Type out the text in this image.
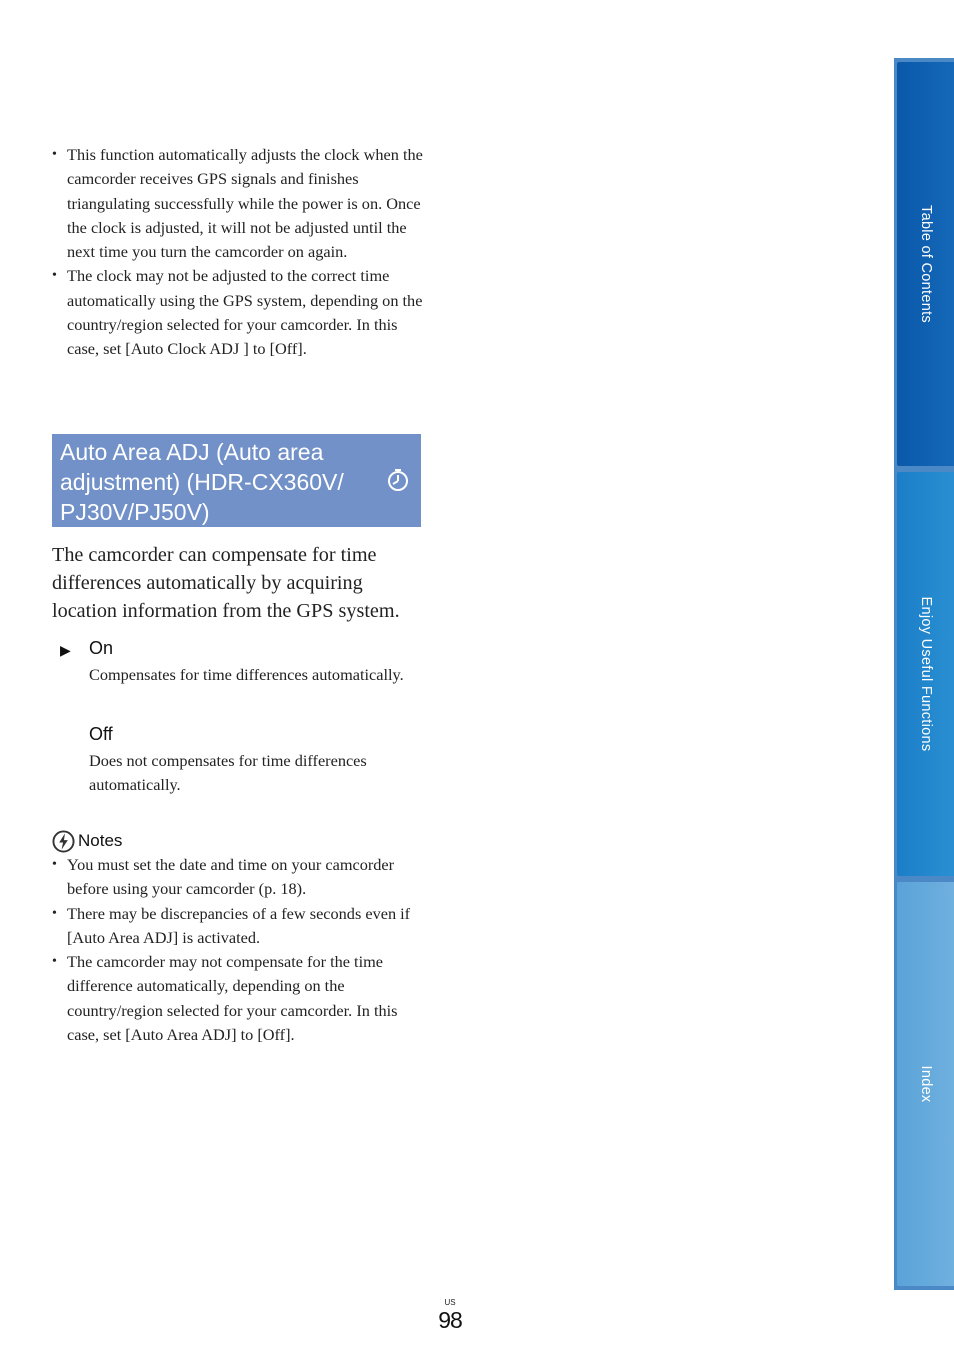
• This function automatically adjusts the clock when the camcorder receives GPS signals and finishes triangulating successfully while the power is on. Once the clock is adjusted, it will not be adjusted until the next time you turn the camcorder on again.
• The clock may not be adjusted to the correct time automatically using the GPS system, depending on the country/region selected for your camcorder. In this case, set [Auto Clock ADJ ] to [Off].
Auto Area ADJ (Auto area
adjustment) (HDR-CX360V/
PJ30V/PJ50V)
The camcorder can compensate for time differences automatically by acquiring location information from the GPS system.
▶ On
Compensates for time differences automatically.
Off
Does not compensates for time differences automatically.
Notes
• You must set the date and time on your camcorder before using your camcorder (p. 18).
• There may be discrepancies of a few seconds even if [Auto Area ADJ] is activated.
• The camcorder may not compensate for the time difference automatically, depending on the country/region selected for your camcorder. In this case, set [Auto Area ADJ] to [Off].
Table of Contents
Enjoy Useful Functions
Index
US
98
